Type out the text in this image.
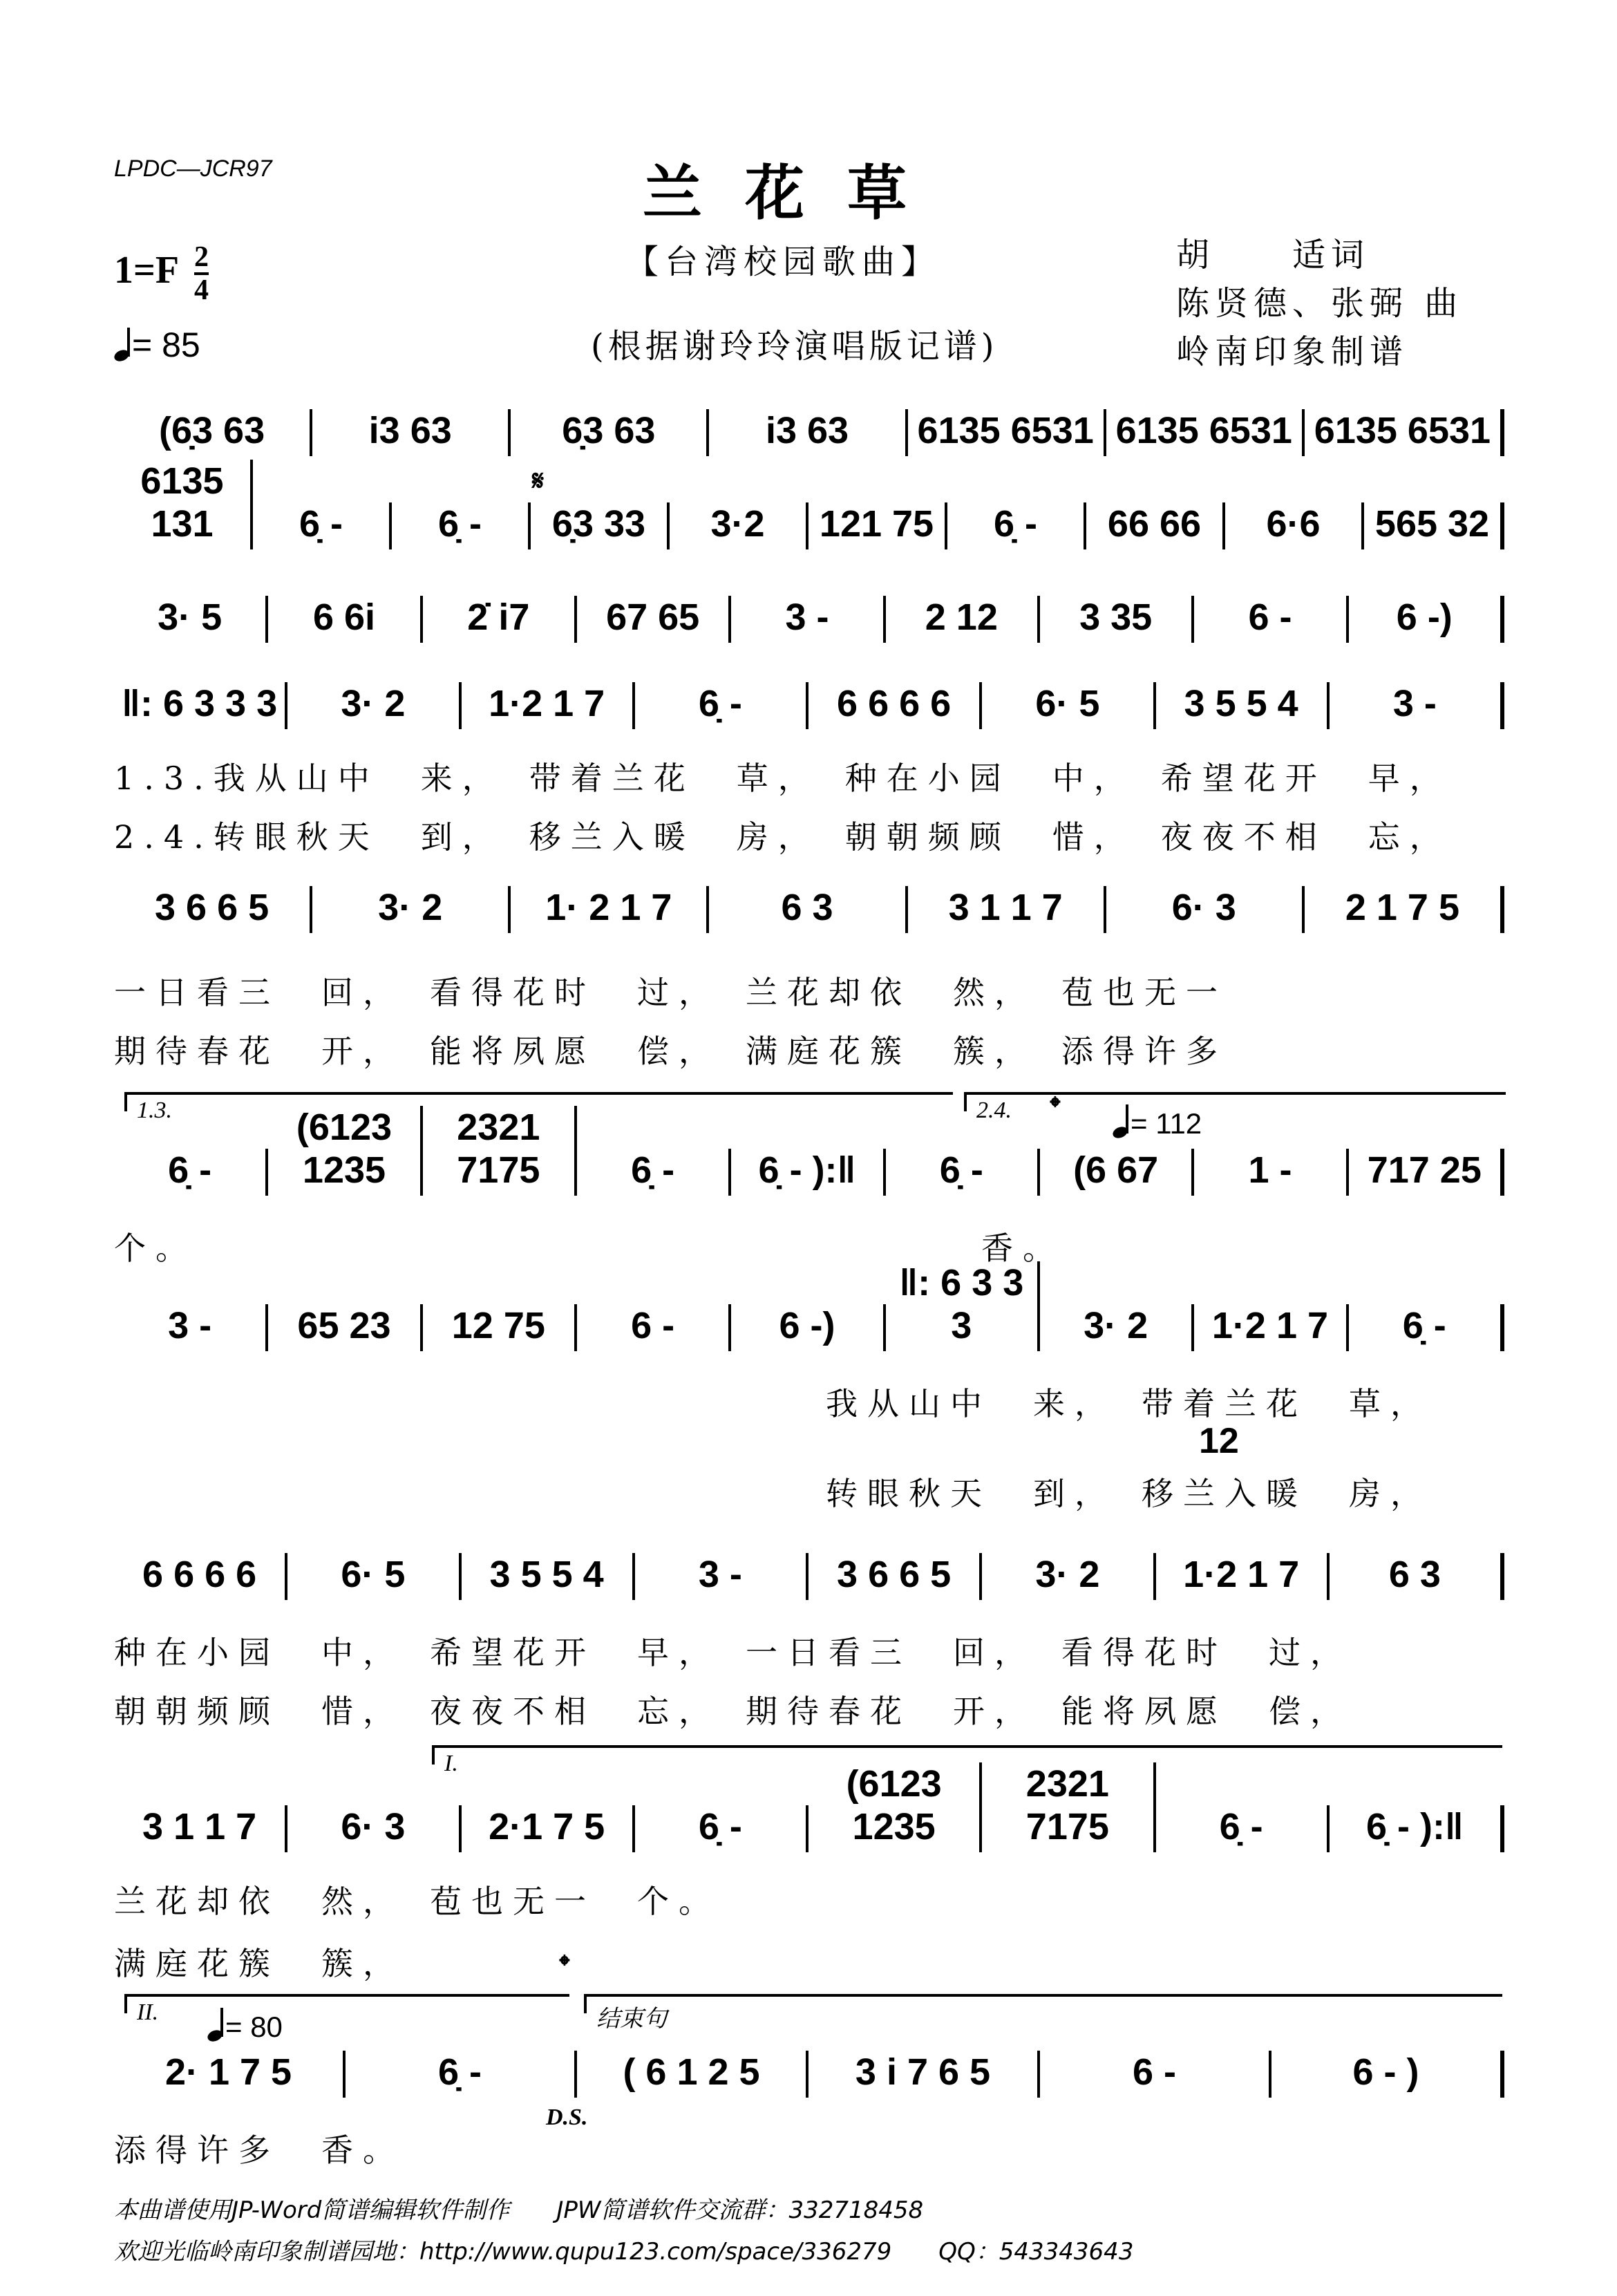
LPDC—JCR97	兰花草
【台湾校园歌曲】
(根据谢玲玲演唱版记谱)
胡　　适词
陈贤德、张弼 曲
岭南印象制谱
$1=F \frac{2}{4}$
= 85
(6̣3 63	i3 63	6̣3 63	i3 63	6135 6531 6135 6531 6135 6531
𝄋
6135 131	6̣ -	6̣ -	6̣3 33	3·2	121 75	6̣ -	66 66	6·6	565 32
3· 5	6 6i	2̇ i7	67 65	3 -	2 12	3 35	6 -	6 -)
‖: 6 3 3 3	3· 2	1·2 1 7	6̣ -	6 6 6 6	6· 5	3 5 5 4	3 -
1.3.我从山中　来，　带着兰花　草，　种在小园　中，　希望花开　早，
2.4.转眼秋天　到，　移兰入暖　房，　朝朝频顾　惜，　夜夜不相　忘，
3 6 6 5	3· 2	1· 2 1 7	6 3	3 1 1 7	6· 3	2 1 7 5
一日看三　回，　看得花时　过，　兰花却依　然，　苞也无一
期待春花　开，　能将夙愿　偿，　满庭花簇　簇，　添得许多
1.3.	2.4. 𝄌
= 112
6̣ -
(6123 1235
2321 7175	6̣ -	6̣ - ):‖	6̣ -	(6 67	1 -	717 25
个。	香。
3 -	65 23	12 75	6 -	6 -)
‖: 6 3 3 3	3· 2	1·2 1 7	6̣ -
我从山中　来，　带着兰花　草，
12
转眼秋天　到，　移兰入暖　房，
6 6 6 6	6· 5	3 5 5 4	3 -	3 6 6 5	3· 2	1·2 1 7	6 3
种在小园　中，　希望花开　早，　一日看三　回，　看得花时　过，
朝朝频顾　惜，　夜夜不相　忘，　期待春花　开，　能将夙愿　偿，
I.
3 1 1 7	6· 3	2·1 7 5	6̣ -
(6123 1235
2321 7175	6̣ -	6̣ - ):‖
兰花却依　然，　苞也无一　个。
满庭花簇　簇，	𝄌
II.	= 80	结束句
2· 1 7 5	6̣ -	( 6 1 2 5	3 i 7 6 5	6 -	6 - )
D.S.
添得许多　香。
本曲谱使用JP-Word简谱编辑软件制作　　JPW简谱软件交流群：332718458
欢迎光临岭南印象制谱园地：http://www.qupu123.com/space/336279　　QQ：543343643
